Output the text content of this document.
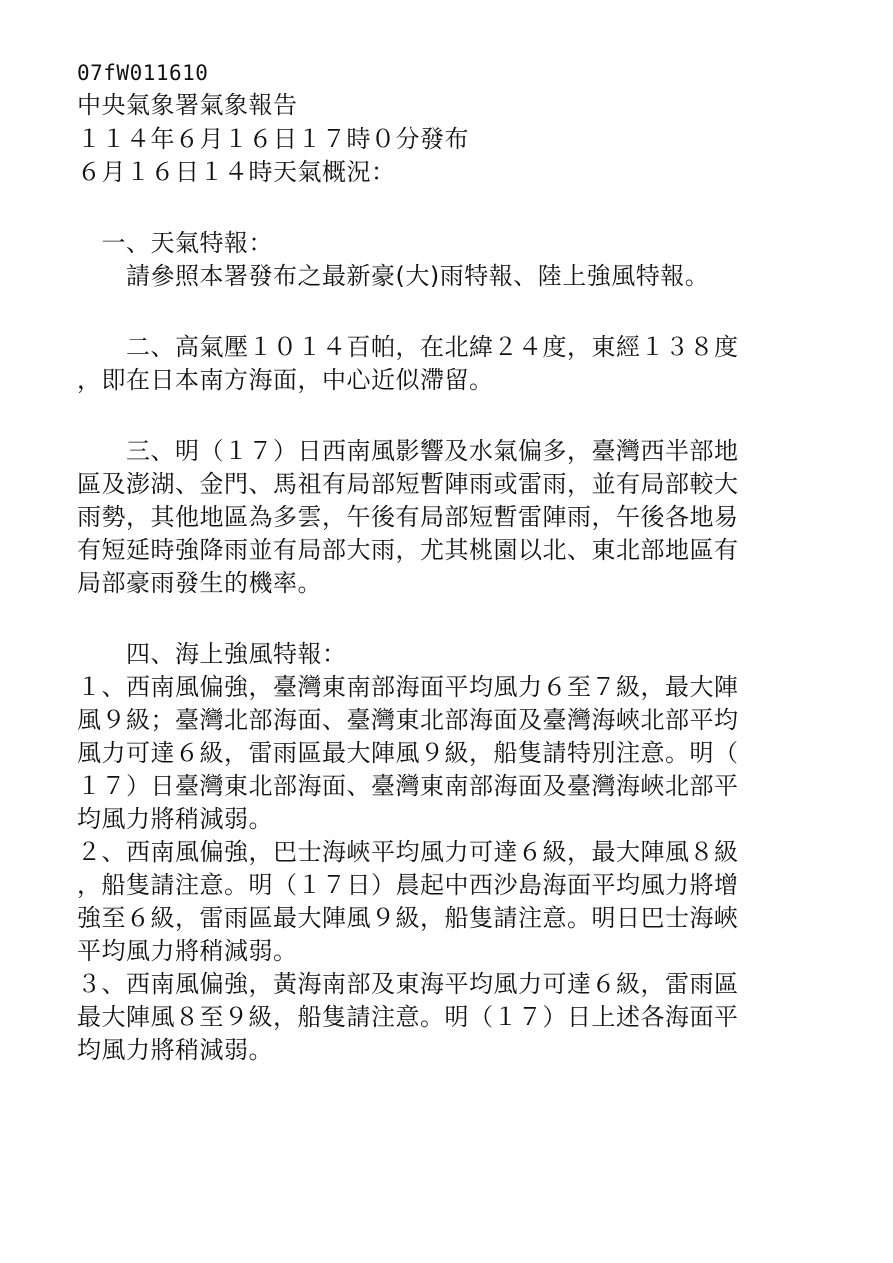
07fW011610
中央氣象署氣象報告
１１４年６月１６日１７時０分發布
６月１６日１４時天氣概況：
　一、天氣特報：
　　請參照本署發布之最新豪(大)雨特報、陸上強風特報。
　　二、高氣壓１０１４百帕，在北緯２４度，東經１３８度
，即在日本南方海面，中心近似滯留。
　　三、明（１７）日西南風影響及水氣偏多，臺灣西半部地
區及澎湖、金門、馬祖有局部短暫陣雨或雷雨，並有局部較大
雨勢，其他地區為多雲，午後有局部短暫雷陣雨，午後各地易
有短延時強降雨並有局部大雨，尤其桃園以北、東北部地區有
局部豪雨發生的機率。
　　四、海上強風特報：
１、西南風偏強，臺灣東南部海面平均風力６至７級，最大陣
風９級；臺灣北部海面、臺灣東北部海面及臺灣海峽北部平均
風力可達６級，雷雨區最大陣風９級，船隻請特別注意。明（
１７）日臺灣東北部海面、臺灣東南部海面及臺灣海峽北部平
均風力將稍減弱。
２、西南風偏強，巴士海峽平均風力可達６級，最大陣風８級
，船隻請注意。明（１７日）晨起中西沙島海面平均風力將增
強至６級，雷雨區最大陣風９級，船隻請注意。明日巴士海峽
平均風力將稍減弱。
３、西南風偏強，黃海南部及東海平均風力可達６級，雷雨區
最大陣風８至９級，船隻請注意。明（１７）日上述各海面平
均風力將稍減弱。
